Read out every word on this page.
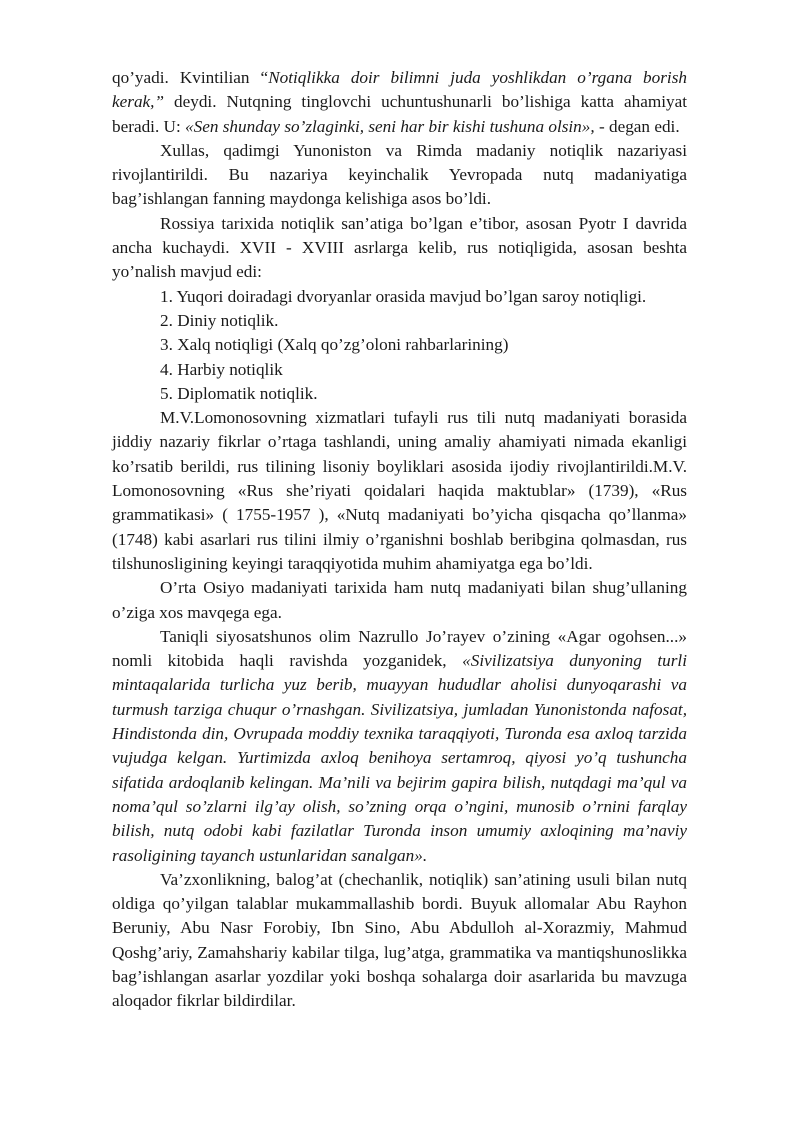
qo’yadi. Kvintilian “Notiqlikka doir bilimni juda yoshlikdan o’rgana borish kerak,” deydi. Nutqning tinglovchi uchuntushunarli bo’lishiga katta ahamiyat beradi. U: «Sen shunday so’zlaginki, seni har bir kishi tushuna olsin», - degan edi.

Xullas, qadimgi Yunoniston va Rimda madaniy notiqlik nazariyasi rivojlantirildi. Bu nazariya keyinchalik Yevropada nutq madaniyatiga bag’ishlangan fanning maydonga kelishiga asos bo’ldi.

Rossiya tarixida notiqlik san’atiga bo’lgan e’tibor, asosan Pyotr I davrida ancha kuchaydi. XVII - XVIII asrlarga kelib, rus notiqligida, asosan beshta yo’nalish mavjud edi:

1. Yuqori doiradagi dvoryanlar orasida mavjud bo’lgan saroy notiqligi.

2. Diniy notiqlik.

3. Xalq notiqligi (Xalq qo’zg’oloni rahbarlarining)

4. Harbiy notiqlik

5. Diplomatik notiqlik.

M.V.Lomonosovning xizmatlari tufayli rus tili nutq madaniyati borasida jiddiy nazariy fikrlar o’rtaga tashlandi, uning amaliy ahamiyati nimada ekanligi ko’rsatib berildi, rus tilining lisoniy boyliklari asosida ijodiy rivojlantirildi.M.V. Lomonosovning «Rus she’riyati qoidalari haqida maktublar» (1739), «Rus grammatikasi» ( 1755-1957 ), «Nutq madaniyati bo’yicha qisqacha qo’llanma» (1748) kabi asarlari rus tilini ilmiy o’rganishni boshlab beribgina qolmasdan, rus tilshunosligining keyingi taraqqiyotida muhim ahamiyatga ega bo’ldi.

O’rta Osiyo madaniyati tarixida ham nutq madaniyati bilan shug’ullaning o’ziga xos mavqega ega.

Taniqli siyosatshunos olim Nazrullo Jo’rayev o’zining «Agar ogohsen...» nomli kitobida haqli ravishda yozganidek, «Sivilizatsiya dunyoning turli mintaqalarida turlicha yuz berib, muayyan hududlar aholisi dunyoqarashi va turmush tarziga chuqur o’rnashgan. Sivilizatsiya, jumladan Yunonistonda nafosat, Hindistonda din, Ovrupada moddiy texnika taraqqiyoti, Turonda esa axloq tarzida vujudga kelgan. Yurtimizda axloq benihoya sertamroq, qiyosi yo’q tushuncha sifatida ardoqlanib kelingan. Ma’nili va bejirim gapira bilish, nutqdagi ma’qul va noma’qul so’zlarni ilg’ay olish, so’zning orqa o’ngini, munosib o’rnini farqlay bilish, nutq odobi kabi fazilatlar Turonda inson umumiy axloqining ma’naviy rasoligining tayanch ustunlaridan sanalgan».

Va’zxonlikning, balog’at (chechanlik, notiqlik) san’atining usuli bilan nutq oldiga qo’yilgan talablar mukammallashib bordi. Buyuk allomalar Abu Rayhon Beruniy, Abu Nasr Forobiy, Ibn Sino, Abu Abdulloh al-Xorazmiy, Mahmud Qoshg’ariy, Zamahshariy kabilar tilga, lug’atga, grammatika va mantiqshunoslikka bag’ishlangan asarlar yozdilar yoki boshqa sohalarga doir asarlarida bu mavzuga aloqador fikrlar bildirdilar.
